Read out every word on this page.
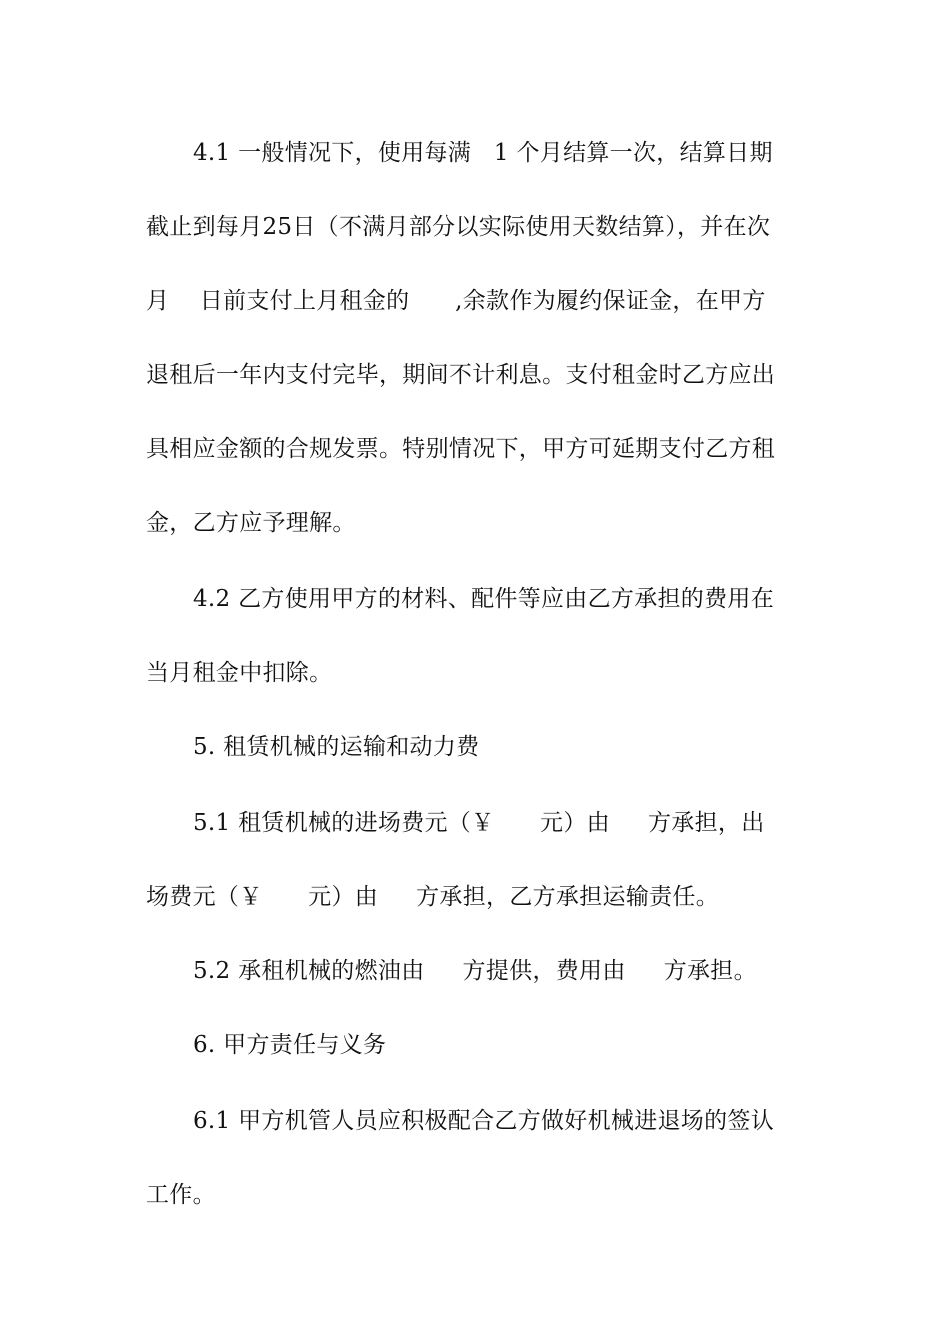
4.1 一般情况下，使用每满   1 个月结算一次，结算日期
截止到每月25日（不满月部分以实际使用天数结算），并在次
月    日前支付上月租金的      ,余款作为履约保证金，在甲方
退租后一年内支付完毕，期间不计利息。支付租金时乙方应出
具相应金额的合规发票。特别情况下，甲方可延期支付乙方租
金，乙方应予理解。
4.2 乙方使用甲方的材料、配件等应由乙方承担的费用在
当月租金中扣除。
5. 租赁机械的运输和动力费
5.1 租赁机械的进场费元（￥      元）由     方承担，出
场费元（￥      元）由     方承担，乙方承担运输责任。
5.2 承租机械的燃油由     方提供，费用由     方承担。
6. 甲方责任与义务
6.1 甲方机管人员应积极配合乙方做好机械进退场的签认
工作。
